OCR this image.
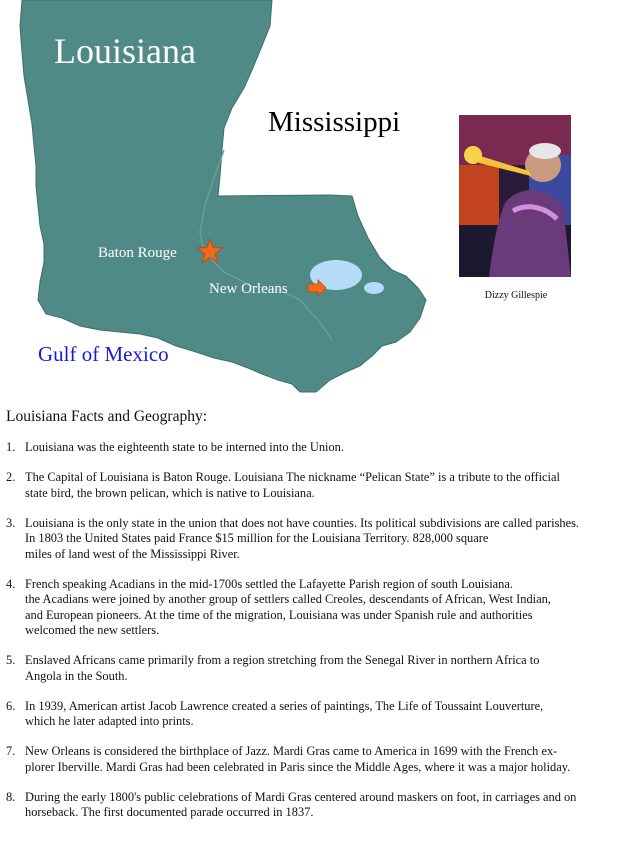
Louisiana
Mississippi
Baton Rouge
New Orleans
Gulf of Mexico
Dizzy Gillespie
Louisiana Facts and Geography:
1. Louisiana was the eighteenth state to be interned into the Union.
2. The Capital of Louisiana is Baton Rouge. Louisiana The nickname “Pelican State” is a tribute to the official
state bird, the brown pelican, which is native to Louisiana.
3. Louisiana is the only state in the union that does not have counties. Its political subdivisions are called parishes.
In 1803 the United States paid France $15 million for the Louisiana Territory. 828,000 square
miles of land west of the Mississippi River.
4. French speaking Acadians in the mid-1700s settled the Lafayette Parish region of south Louisiana.
the Acadians were joined by another group of settlers called Creoles, descendants of African, West Indian,
and European pioneers. At the time of the migration, Louisiana was under Spanish rule and authorities
welcomed the new settlers.
5. Enslaved Africans came primarily from a region stretching from the Senegal River in northern Africa to
Angola in the South.
6. In 1939, American artist Jacob Lawrence created a series of paintings, The Life of Toussaint Louverture,
which he later adapted into prints.
7. New Orleans is considered the birthplace of Jazz. Mardi Gras came to America in 1699 with the French ex-
plorer Iberville. Mardi Gras had been celebrated in Paris since the Middle Ages, where it was a major holiday.
8. During the early 1800's public celebrations of Mardi Gras centered around maskers on foot, in carriages and on
horseback. The first documented parade occurred in 1837.
